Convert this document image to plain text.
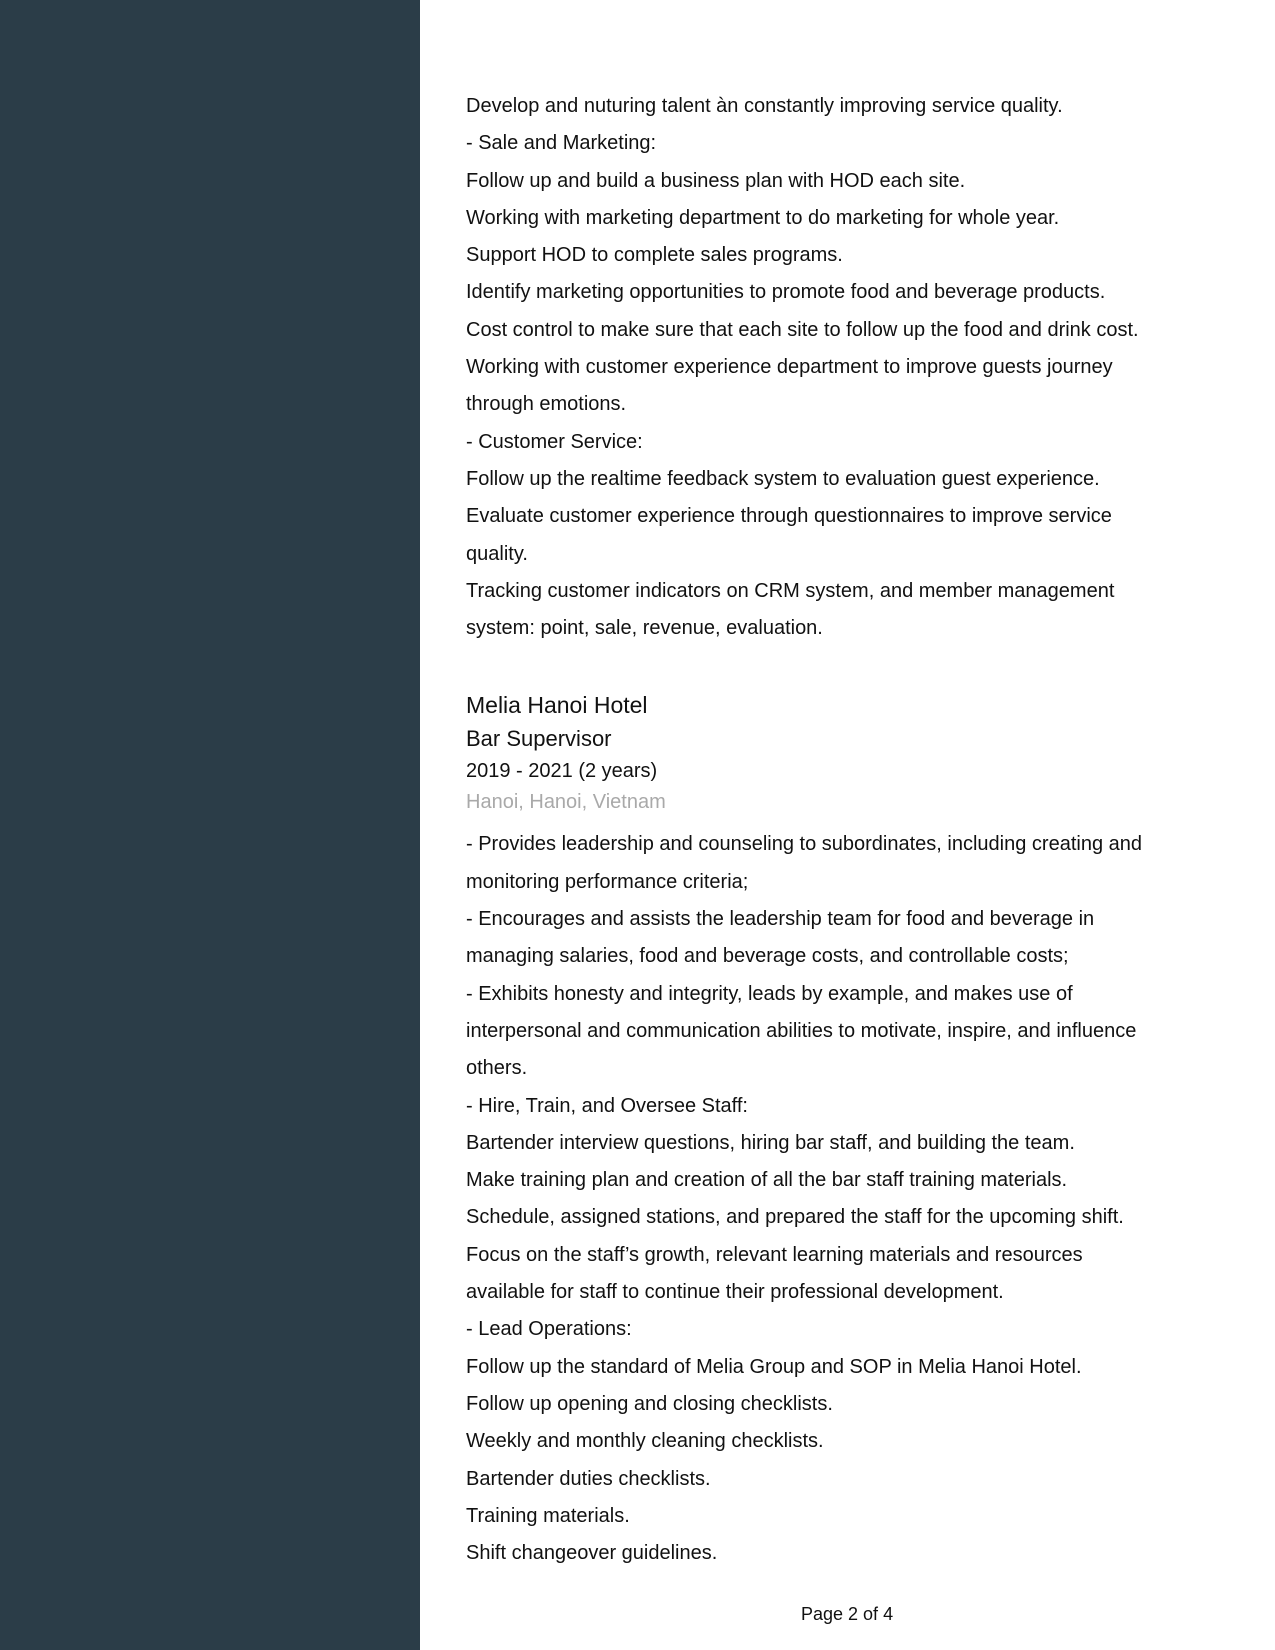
Develop and nuturing talent àn constantly improving service quality.

- Sale and Marketing:

Follow up and build a business plan with HOD each site.

Working with marketing department to do marketing for whole year.

Support HOD to complete sales programs.

Identify marketing opportunities to promote food and beverage products.

Cost control to make sure that each site to follow up the food and drink cost.

Working with customer experience department to improve guests journey

through emotions.

- Customer Service:

Follow up the realtime feedback system to evaluation guest experience.

Evaluate customer experience through questionnaires to improve service

quality.

Tracking customer indicators on CRM system, and member management

system: point, sale, revenue, evaluation.

Melia Hanoi Hotel

Bar Supervisor

2019 - 2021 (2 years)

Hanoi, Hanoi, Vietnam

- Provides leadership and counseling to subordinates, including creating and

monitoring performance criteria;

- Encourages and assists the leadership team for food and beverage in

managing salaries, food and beverage costs, and controllable costs;

- Exhibits honesty and integrity, leads by example, and makes use of

interpersonal and communication abilities to motivate, inspire, and influence

others.

- Hire, Train, and Oversee Staff:

Bartender interview questions, hiring bar staff, and building the team.

Make training plan and creation of all the bar staff training materials.

Schedule, assigned stations, and prepared the staff for the upcoming shift.

Focus on the staff’s growth, relevant learning materials and resources

available for staff to continue their professional development.

- Lead Operations:

Follow up the standard of Melia Group and SOP in Melia Hanoi Hotel.

Follow up opening and closing checklists.

Weekly and monthly cleaning checklists.

Bartender duties checklists.

Training materials.

Shift changeover guidelines.

Page 2 of 4
